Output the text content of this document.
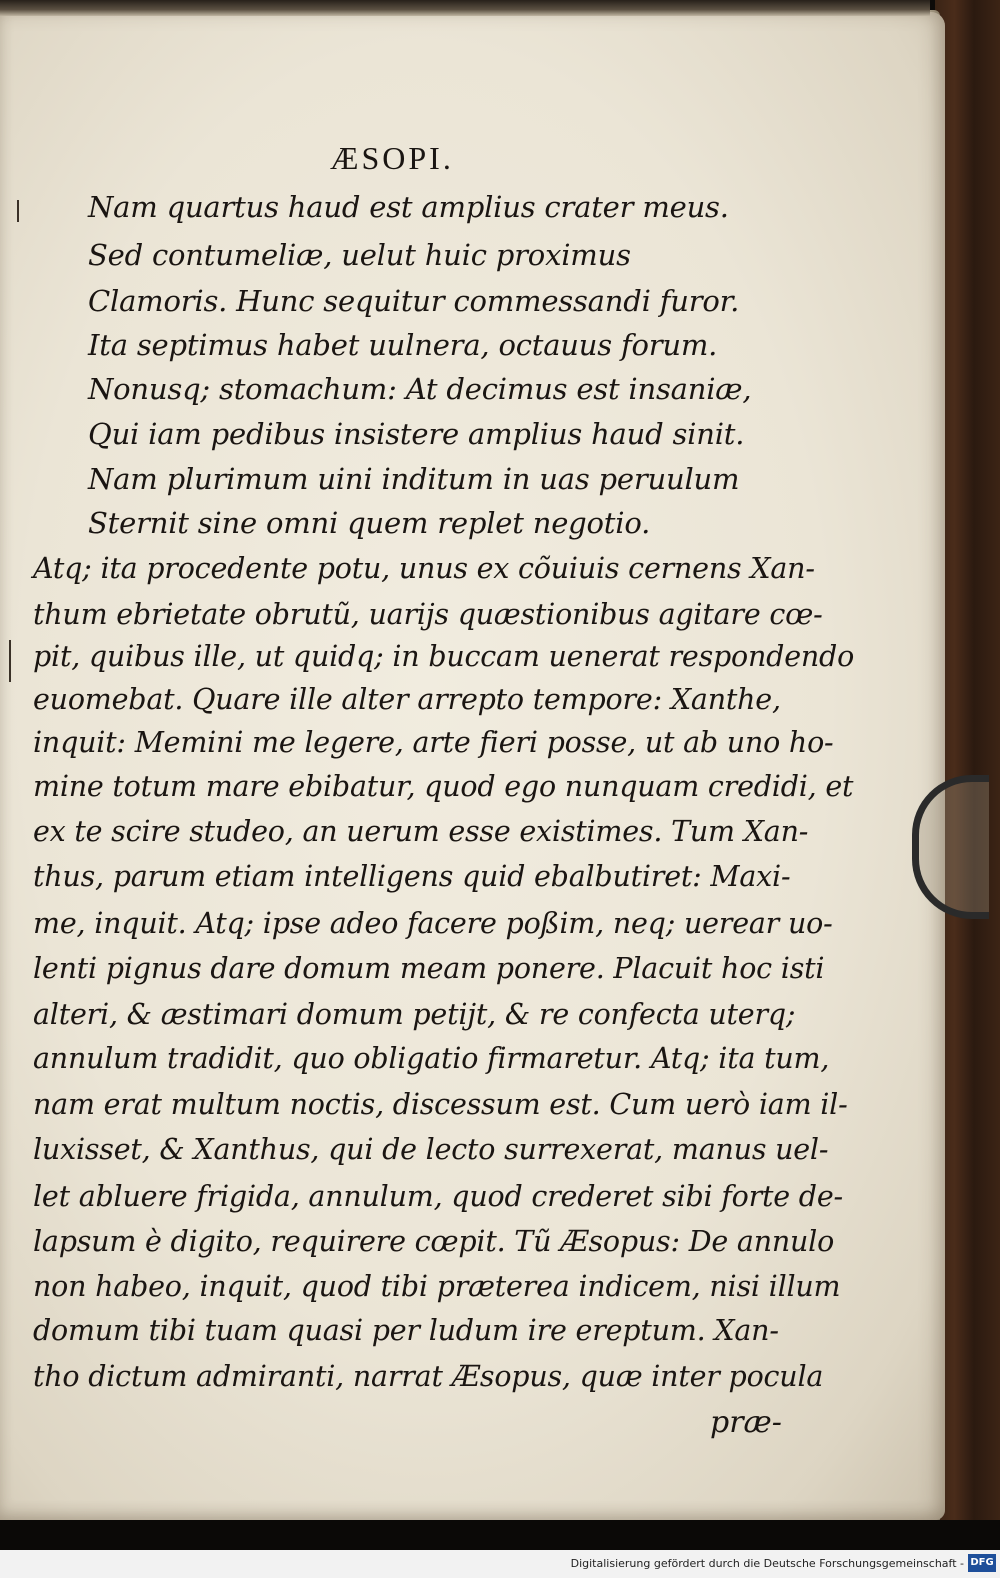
ÆSOPI.
Nam quartus haud est amplius crater meus.
Sed contumeliæ, uelut huic proximus
Clamoris. Hunc sequitur commessandi furor.
Ita septimus habet uulnera, octauus forum.
Nonusq; stomachum: At decimus est insaniæ,
Qui iam pedibus insistere amplius haud sinit.
Nam plurimum uini inditum in uas peruulum
Sternit sine omni quem replet negotio.
Atq; ita procedente potu, unus ex cõuiuis cernens Xan-
thum ebrietate obrutũ, uarijs quæstionibus agitare cœ-
pit, quibus ille, ut quidq; in buccam uenerat respondendo
euomebat. Quare ille alter arrepto tempore: Xanthe,
inquit: Memini me legere, arte fieri posse, ut ab uno ho-
mine totum mare ebibatur, quod ego nunquam credidi, et
ex te scire studeo, an uerum esse existimes. Tum Xan-
thus, parum etiam intelligens quid ebalbutiret: Maxi-
me, inquit. Atq; ipse adeo facere poßim, neq; uerear uo-
lenti pignus dare domum meam ponere. Placuit hoc isti
alteri, & æstimari domum petijt, & re confecta uterq;
annulum tradidit, quo obligatio firmaretur. Atq; ita tum,
nam erat multum noctis, discessum est. Cum uerò iam il-
luxisset, & Xanthus, qui de lecto surrexerat, manus uel-
let abluere frigida, annulum, quod crederet sibi forte de-
lapsum è digito, requirere cœpit. Tũ Æsopus: De annulo
non habeo, inquit, quod tibi præterea indicem, nisi illum
domum tibi tuam quasi per ludum ire ereptum. Xan-
tho dictum admiranti, narrat Æsopus, quæ inter pocula
præ-
Digitalisierung gefördert durch die Deutsche Forschungsgemeinschaft - DFG
